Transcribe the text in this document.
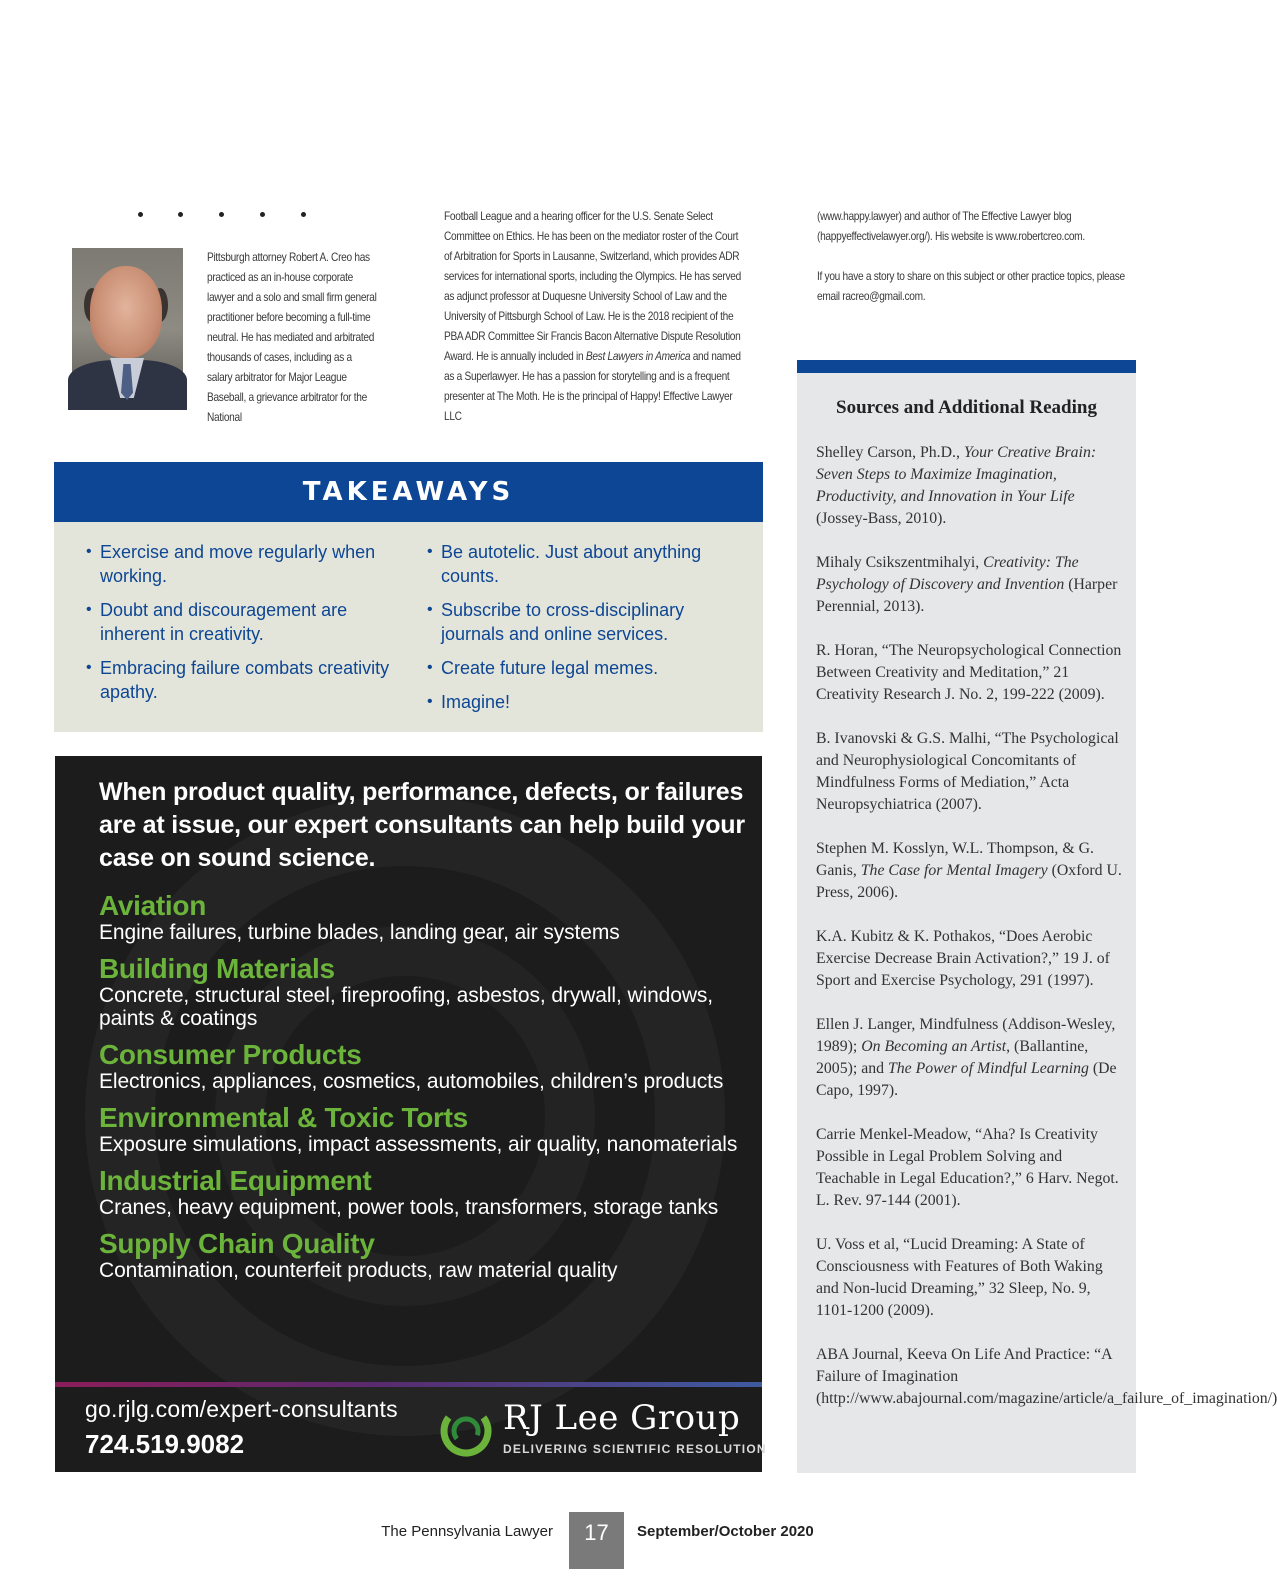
Pittsburgh attorney Robert A. Creo has practiced as an in-house corporate lawyer and a solo and small firm general practitioner before becoming a full-time neutral. He has mediated and arbitrated thousands of cases, including as a salary arbitrator for Major League Baseball, a grievance arbitrator for the National
Football League and a hearing officer for the U.S. Senate Select Committee on Ethics. He has been on the mediator roster of the Court of Arbitration for Sports in Lausanne, Switzerland, which provides ADR services for international sports, including the Olympics. He has served as adjunct professor at Duquesne University School of Law and the University of Pittsburgh School of Law. He is the 2018 recipient of the PBA ADR Committee Sir Francis Bacon Alternative Dispute Resolution Award. He is annually included in Best Lawyers in America and named as a Superlawyer. He has a passion for storytelling and is a frequent presenter at The Moth. He is the principal of Happy! Effective Lawyer LLC

(www.happy.lawyer) and author of The Effective Lawyer blog (happyeffectivelawyer.org/). His website is www.robertcreo.com.

If you have a story to share on this subject or other practice topics, please email racreo@gmail.com.

TAKEAWAYS
• Exercise and move regularly when working.
• Doubt and discouragement are inherent in creativity.
• Embracing failure combats creativity apathy.
• Be autotelic. Just about anything counts.
• Subscribe to cross-disciplinary journals and online services.
• Create future legal memes.
• Imagine!
When product quality, performance, defects, or failures are at issue, our expert consultants can help build your case on sound science.
Aviation
Engine failures, turbine blades, landing gear, air systems
Building Materials
Concrete, structural steel, fireproofing, asbestos, drywall, windows, paints & coatings
Consumer Products
Electronics, appliances, cosmetics, automobiles, children’s products
Environmental & Toxic Torts
Exposure simulations, impact assessments, air quality, nanomaterials
Industrial Equipment
Cranes, heavy equipment, power tools, transformers, storage tanks
Supply Chain Quality
Contamination, counterfeit products, raw material quality
go.rjlg.com/expert-consultants
724.519.9082
RJ Lee Group
DELIVERING SCIENTIFIC RESOLUTION
Sources and Additional Reading

Shelley Carson, Ph.D., Your Creative Brain: Seven Steps to Maximize Imagination, Productivity, and Innovation in Your Life (Jossey-Bass, 2010).

Mihaly Csikszentmihalyi, Creativity: The Psychology of Discovery and Invention (Harper Perennial, 2013).

R. Horan, “The Neuropsychological Connection Between Creativity and Meditation,” 21 Creativity Research J. No. 2, 199-222 (2009).

B. Ivanovski & G.S. Malhi, “The Psychological and Neurophysiological Concomitants of Mindfulness Forms of Mediation,” Acta Neuropsychiatrica (2007).

Stephen M. Kosslyn, W.L. Thompson, & G. Ganis, The Case for Mental Imagery (Oxford U. Press, 2006).

K.A. Kubitz & K. Pothakos, “Does Aerobic Exercise Decrease Brain Activation?,” 19 J. of Sport and Exercise Psychology, 291 (1997).

Ellen J. Langer, Mindfulness (Addison-Wesley, 1989); On Becoming an Artist, (Ballantine, 2005); and The Power of Mindful Learning (De Capo, 1997).

Carrie Menkel-Meadow, “Aha? Is Creativity Possible in Legal Problem Solving and Teachable in Legal Education?,” 6 Harv. Negot. L. Rev. 97-144 (2001).

U. Voss et al, “Lucid Dreaming: A State of Consciousness with Features of Both Waking and Non-lucid Dreaming,” 32 Sleep, No. 9, 1101-1200 (2009).

ABA Journal, Keeva On Life And Practice: “A Failure of Imagination (http://www.abajournal.com/magazine/article/a_failure_of_imagination/)

The Pennsylvania Lawyer	17	September/October 2020
